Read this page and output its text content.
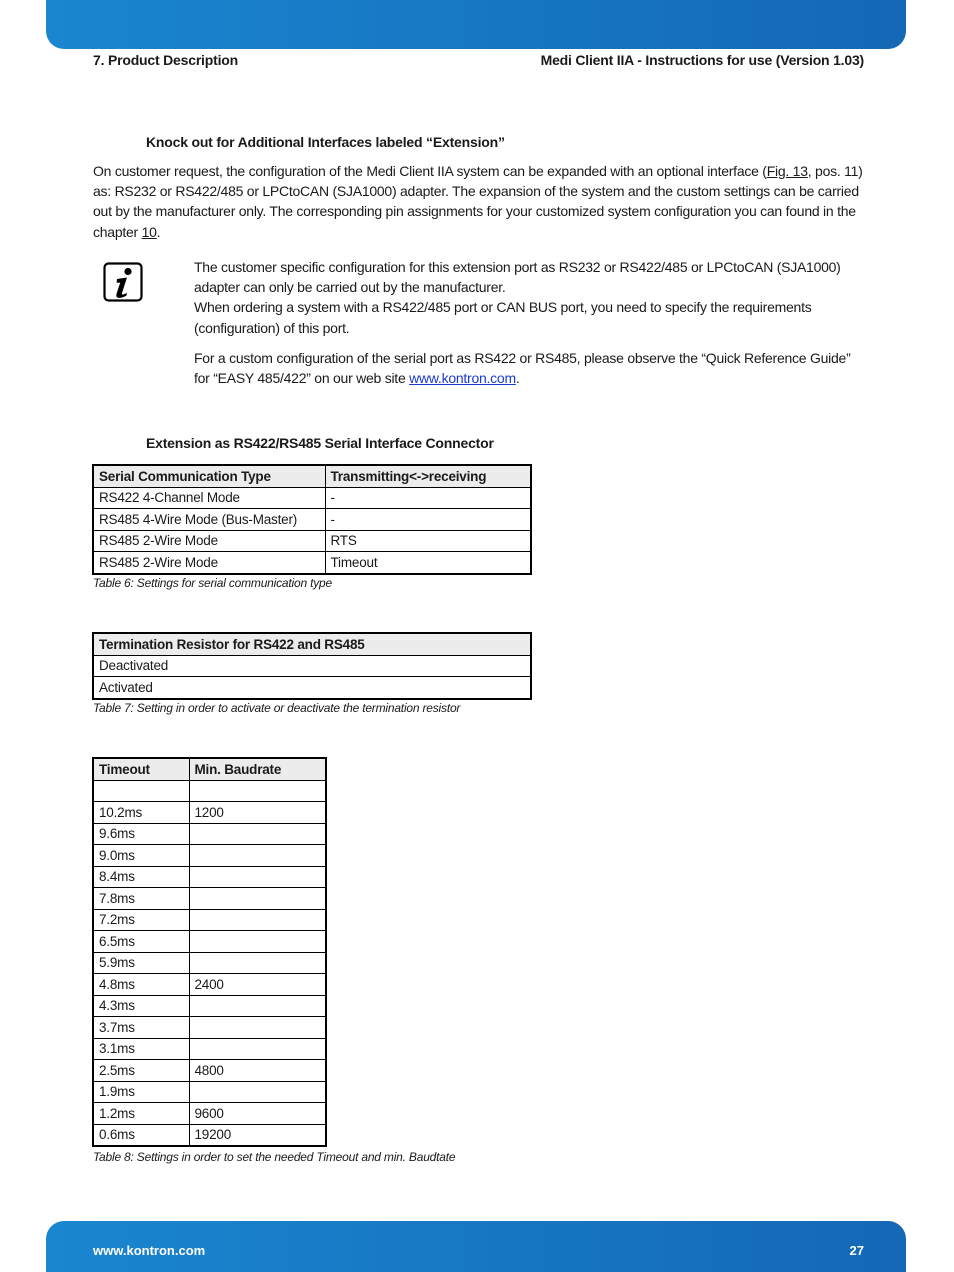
7. Product Description	Medi Client IIA - Instructions for use (Version 1.03)
Knock out for Additional Interfaces labeled “Extension”

On customer request, the configuration of the Medi Client IIA system can be expanded with an optional interface (Fig. 13, pos. 11) as: RS232 or RS422/485 or LPCtoCAN (SJA1000) adapter. The expansion of the system and the custom settings can be carried out by the manufacturer only. The corresponding pin assignments for your customized system configuration you can found in the chapter 10.

The customer specific configuration for this extension port as RS232 or RS422/485 or LPCtoCAN (SJA1000) adapter can only be carried out by the manufacturer.

When ordering a system with a RS422/485 port or CAN BUS port, you need to specify the requirements (configuration) of this port.

For a custom configuration of the serial port as RS422 or RS485, please observe the “Quick Reference Guide” for “EASY 485/422” on our web site www.kontron.com.

Extension as RS422/RS485 Serial Interface Connector
Serial Communication Type	Transmitting<->receiving
RS422 4-Channel Mode	-
RS485 4-Wire Mode (Bus-Master)	-
RS485 2-Wire Mode	RTS
RS485 2-Wire Mode	Timeout
Table 6: Settings for serial communication type
Termination Resistor for RS422 and RS485
Deactivated
Activated
Table 7: Setting in order to activate or deactivate the termination resistor
Timeout	Min. Baudrate

10.2ms	1200
9.6ms	
9.0ms	
8.4ms	
7.8ms	
7.2ms	
6.5ms	
5.9ms	
4.8ms	2400
4.3ms	
3.7ms	
3.1ms	
2.5ms	4800
1.9ms	
1.2ms	9600
0.6ms	19200
Table 8: Settings in order to set the needed Timeout and min. Baudtate
www.kontron.com	27
